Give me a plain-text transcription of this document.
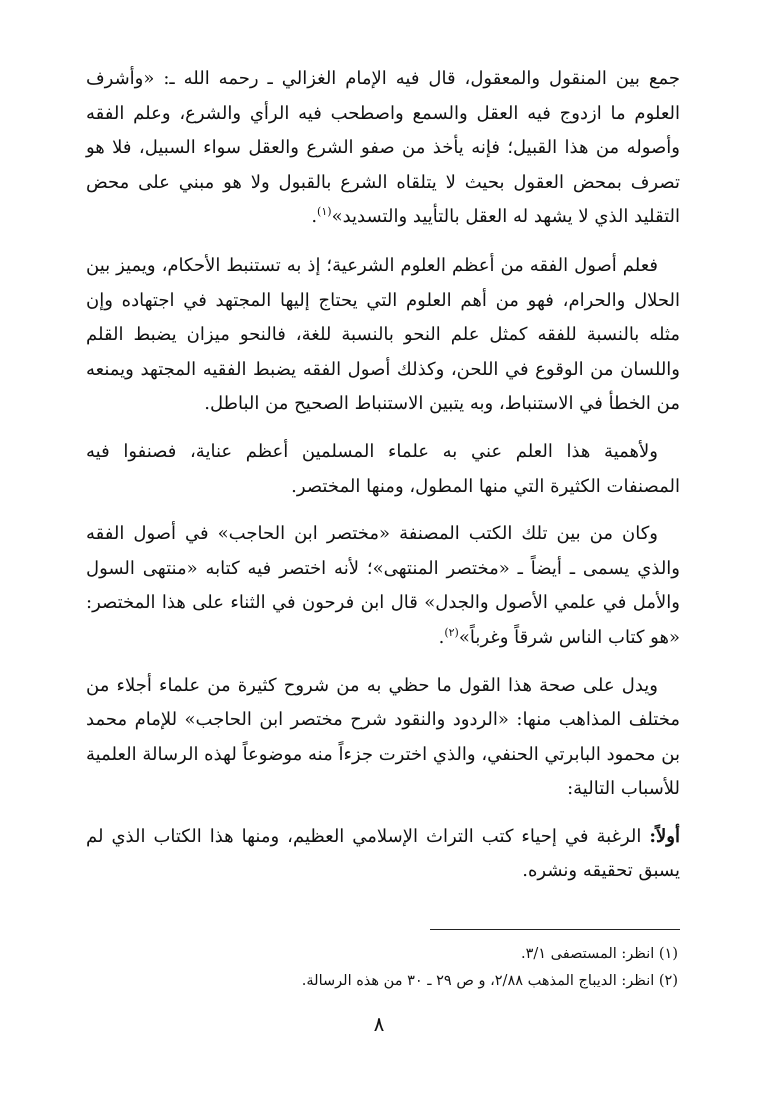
جمع بين المنقول والمعقول، قال فيه الإمام الغزالي ـ رحمه الله ـ: «وأشرف العلوم ما ازدوج فيه العقل والسمع واصطحب فيه الرأي والشرع، وعلم الفقه وأصوله من هذا القبيل؛ فإنه يأخذ من صفو الشرع والعقل سواء السبيل، فلا هو تصرف بمحض العقول بحيث لا يتلقاه الشرع بالقبول ولا هو مبني على محض التقليد الذي لا يشهد له العقل بالتأييد والتسديد»$^{(١)}$.

فعلم أصول الفقه من أعظم العلوم الشرعية؛ إذ به تستنبط الأحكام، ويميز بين الحلال والحرام، فهو من أهم العلوم التي يحتاج إليها المجتهد في اجتهاده وإن مثله بالنسبة للفقه كمثل علم النحو بالنسبة للغة، فالنحو ميزان يضبط القلم واللسان من الوقوع في اللحن، وكذلك أصول الفقه يضبط الفقيه المجتهد ويمنعه من الخطأ في الاستنباط، وبه يتبين الاستنباط الصحيح من الباطل.

ولأهمية هذا العلم عني به علماء المسلمين أعظم عناية، فصنفوا فيه المصنفات الكثيرة التي منها المطول، ومنها المختصر.

وكان من بين تلك الكتب المصنفة «مختصر ابن الحاجب» في أصول الفقه والذي يسمى ـ أيضاً ـ «مختصر المنتهى»؛ لأنه اختصر فيه كتابه «منتهى السول والأمل في علمي الأصول والجدل» قال ابن فرحون في الثناء على هذا المختصر: «هو كتاب الناس شرقاً وغرباً»$^{(٢)}$.

ويدل على صحة هذا القول ما حظي به من شروح كثيرة من علماء أجلاء من مختلف المذاهب منها: «الردود والنقود شرح مختصر ابن الحاجب» للإمام محمد بن محمود البابرتي الحنفي، والذي اخترت جزءاً منه موضوعاً لهذه الرسالة العلمية للأسباب التالية:

أولاً: الرغبة في إحياء كتب التراث الإسلامي العظيم، ومنها هذا الكتاب الذي لم يسبق تحقيقه ونشره.

(١) انظر: المستصفى ٣/١.
(٢) انظر: الديباج المذهب ٢/٨٨، و ص ٢٩ ـ ٣٠ من هذه الرسالة.
٨
